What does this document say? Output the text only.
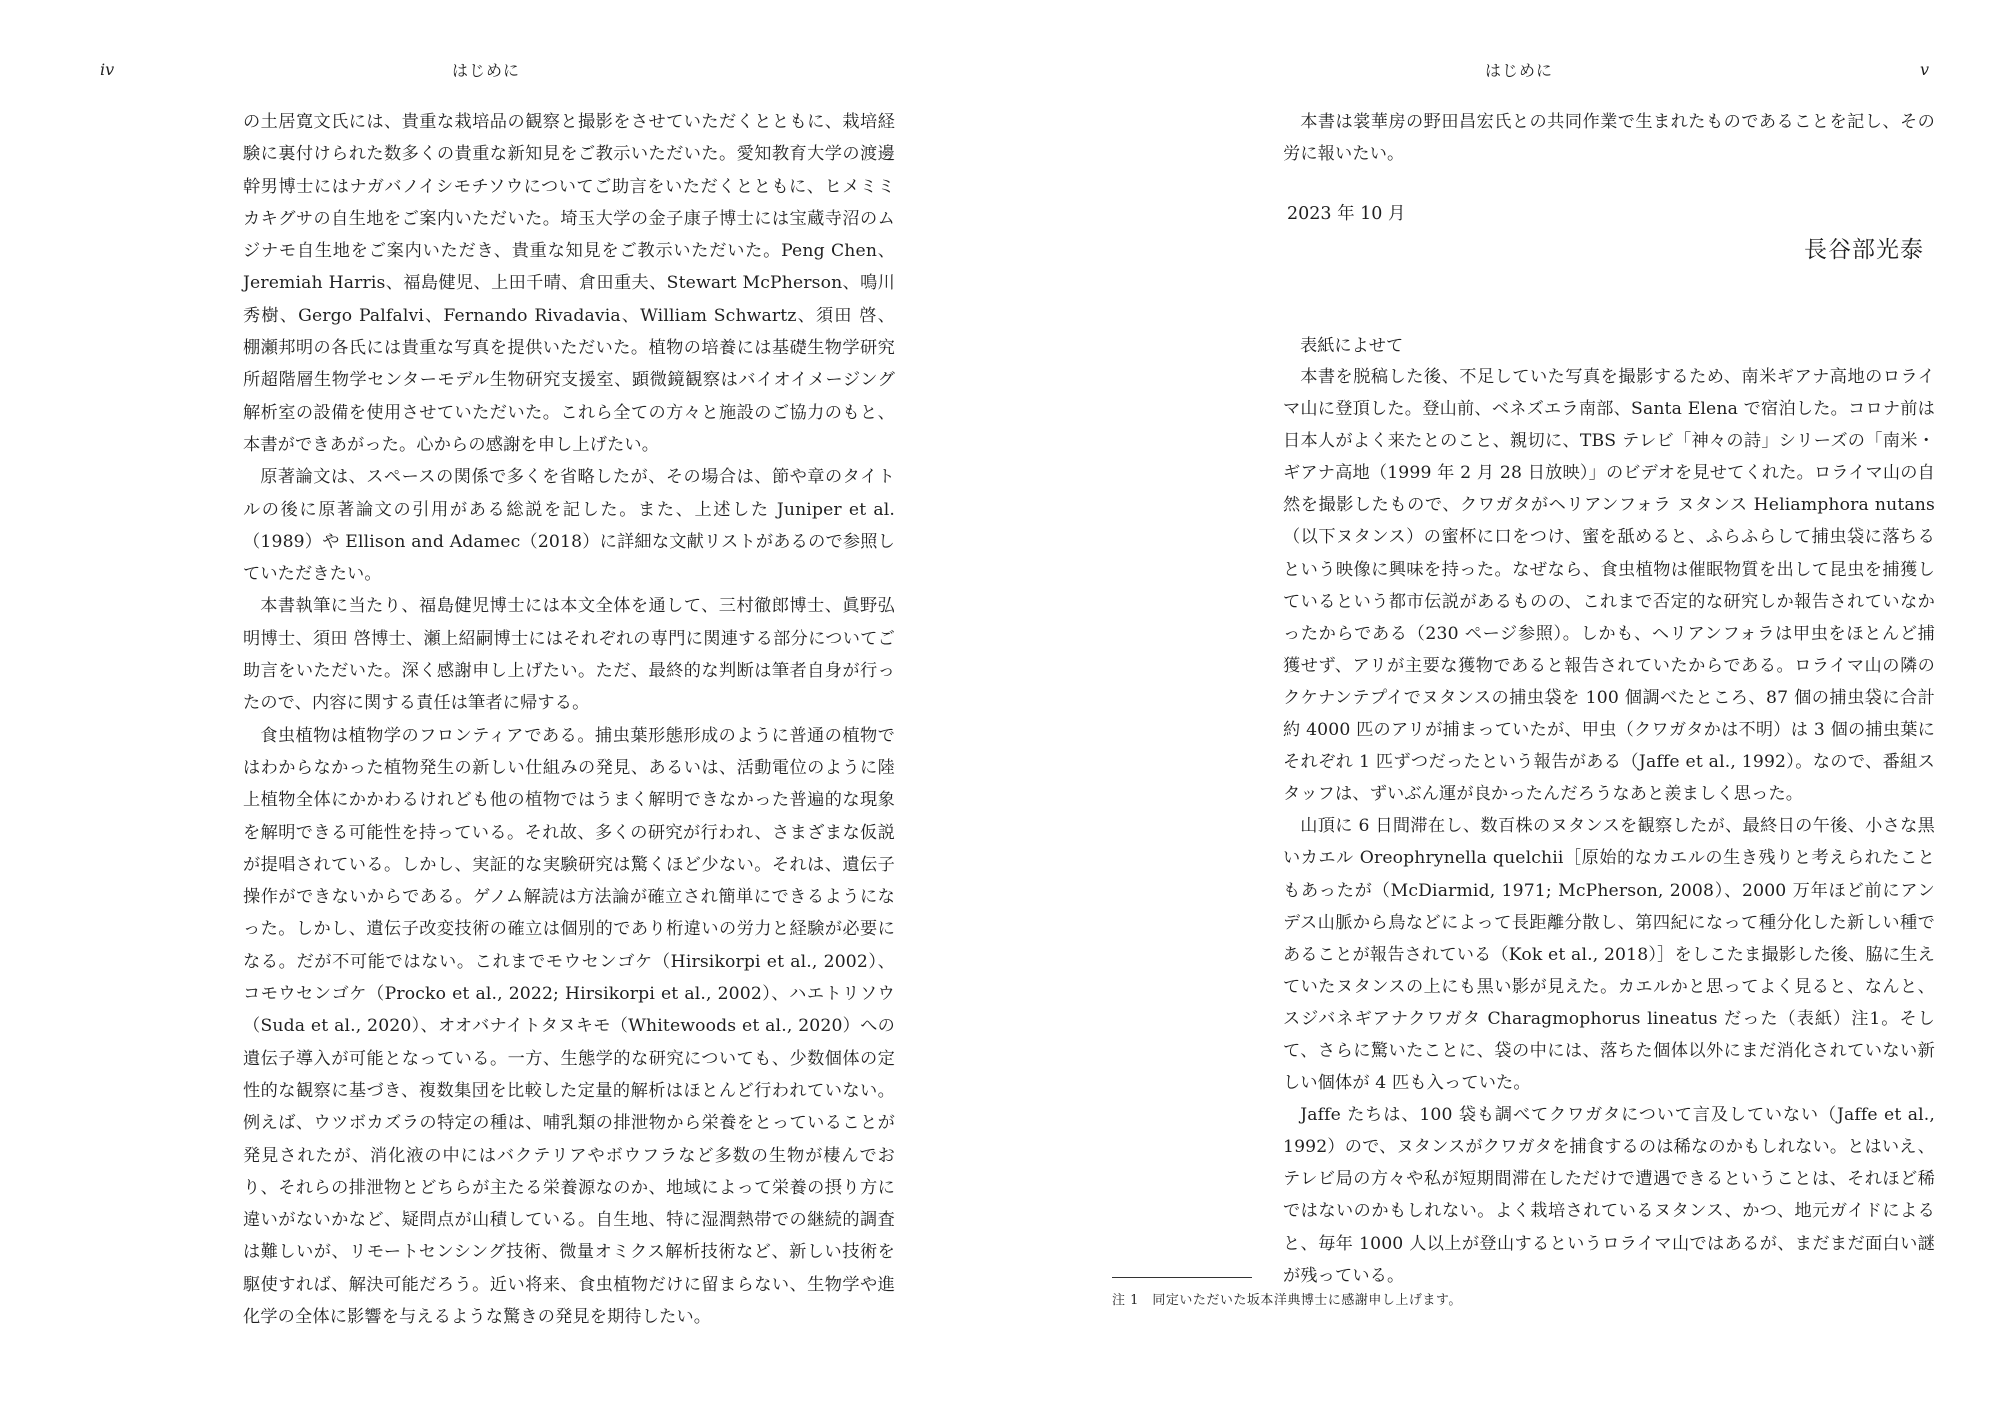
iv	はじめに

の土居寛文氏には、貴重な栽培品の観察と撮影をさせていただくとともに、栽培経験に裏付けられた数多くの貴重な新知見をご教示いただいた。愛知教育大学の渡邊幹男博士にはナガバノイシモチソウについてご助言をいただくとともに、ヒメミミカキグサの自生地をご案内いただいた。埼玉大学の金子康子博士には宝蔵寺沼のムジナモ自生地をご案内いただき、貴重な知見をご教示いただいた。Peng Chen、Jeremiah Harris、福島健児、上田千晴、倉田重夫、Stewart McPherson、鳴川秀樹、Gergo Palfalvi、Fernando Rivadavia、William Schwartz、須田 啓、棚瀬邦明の各氏には貴重な写真を提供いただいた。植物の培養には基礎生物学研究所超階層生物学センターモデル生物研究支援室、顕微鏡観察はバイオイメージング解析室の設備を使用させていただいた。これら全ての方々と施設のご協力のもと、本書ができあがった。心からの感謝を申し上げたい。

原著論文は、スペースの関係で多くを省略したが、その場合は、節や章のタイトルの後に原著論文の引用がある総説を記した。また、上述した Juniper et al.（1989）や Ellison and Adamec（2018）に詳細な文献リストがあるので参照していただきたい。

本書執筆に当たり、福島健児博士には本文全体を通して、三村徹郎博士、眞野弘明博士、須田 啓博士、瀬上紹嗣博士にはそれぞれの専門に関連する部分についてご助言をいただいた。深く感謝申し上げたい。ただ、最終的な判断は筆者自身が行ったので、内容に関する責任は筆者に帰する。

食虫植物は植物学のフロンティアである。捕虫葉形態形成のように普通の植物ではわからなかった植物発生の新しい仕組みの発見、あるいは、活動電位のように陸上植物全体にかかわるけれども他の植物ではうまく解明できなかった普遍的な現象を解明できる可能性を持っている。それ故、多くの研究が行われ、さまざまな仮説が提唱されている。しかし、実証的な実験研究は驚くほど少ない。それは、遺伝子操作ができないからである。ゲノム解読は方法論が確立され簡単にできるようになった。しかし、遺伝子改変技術の確立は個別的であり桁違いの労力と経験が必要になる。だが不可能ではない。これまでモウセンゴケ（Hirsikorpi et al., 2002）、コモウセンゴケ（Procko et al., 2022; Hirsikorpi et al., 2002）、ハエトリソウ（Suda et al., 2020）、オオバナイトタヌキモ（Whitewoods et al., 2020）への遺伝子導入が可能となっている。一方、生態学的な研究についても、少数個体の定性的な観察に基づき、複数集団を比較した定量的解析はほとんど行われていない。例えば、ウツボカズラの特定の種は、哺乳類の排泄物から栄養をとっていることが発見されたが、消化液の中にはバクテリアやボウフラなど多数の生物が棲んでおり、それらの排泄物とどちらが主たる栄養源なのか、地域によって栄養の摂り方に違いがないかなど、疑問点が山積している。自生地、特に湿潤熱帯での継続的調査は難しいが、リモートセンシング技術、微量オミクス解析技術など、新しい技術を駆使すれば、解決可能だろう。近い将来、食虫植物だけに留まらない、生物学や進化学の全体に影響を与えるような驚きの発見を期待したい。

v
はじめに

本書は裳華房の野田昌宏氏との共同作業で生まれたものであることを記し、その労に報いたい。

2023 年 10 月
長谷部光泰
表紙によせて

本書を脱稿した後、不足していた写真を撮影するため、南米ギアナ高地のロライマ山に登頂した。登山前、ベネズエラ南部、Santa Elena で宿泊した。コロナ前は日本人がよく来たとのこと、親切に、TBS テレビ「神々の詩」シリーズの「南米・ギアナ高地（1999 年 2 月 28 日放映）」のビデオを見せてくれた。ロライマ山の自然を撮影したもので、クワガタがヘリアンフォラ ヌタンス Heliamphora nutans（以下ヌタンス）の蜜杯に口をつけ、蜜を舐めると、ふらふらして捕虫袋に落ちるという映像に興味を持った。なぜなら、食虫植物は催眠物質を出して昆虫を捕獲しているという都市伝説があるものの、これまで否定的な研究しか報告されていなかったからである（230 ページ参照）。しかも、ヘリアンフォラは甲虫をほとんど捕獲せず、アリが主要な獲物であると報告されていたからである。ロライマ山の隣のクケナンテプイでヌタンスの捕虫袋を 100 個調べたところ、87 個の捕虫袋に合計約 4000 匹のアリが捕まっていたが、甲虫（クワガタかは不明）は 3 個の捕虫葉にそれぞれ 1 匹ずつだったという報告がある（Jaffe et al., 1992）。なので、番組スタッフは、ずいぶん運が良かったんだろうなあと羨ましく思った。

山頂に 6 日間滞在し、数百株のヌタンスを観察したが、最終日の午後、小さな黒いカエル Oreophrynella quelchii［原始的なカエルの生き残りと考えられたこともあったが（McDiarmid, 1971; McPherson, 2008）、2000 万年ほど前にアンデス山脈から鳥などによって長距離分散し、第四紀になって種分化した新しい種であることが報告されている（Kok et al., 2018）］をしこたま撮影した後、脇に生えていたヌタンスの上にも黒い影が見えた。カエルかと思ってよく見ると、なんと、スジバネギアナクワガタ Charagmophorus lineatus だった（表紙）注1。そして、さらに驚いたことに、袋の中には、落ちた個体以外にまだ消化されていない新しい個体が 4 匹も入っていた。

Jaffe たちは、100 袋も調べてクワガタについて言及していない（Jaffe et al., 1992）ので、ヌタンスがクワガタを捕食するのは稀なのかもしれない。とはいえ、テレビ局の方々や私が短期間滞在しただけで遭遇できるということは、それほど稀ではないのかもしれない。よく栽培されているヌタンス、かつ、地元ガイドによると、毎年 1000 人以上が登山するというロライマ山ではあるが、まだまだ面白い謎が残っている。

注 1　同定いただいた坂本洋典博士に感謝申し上げます。
